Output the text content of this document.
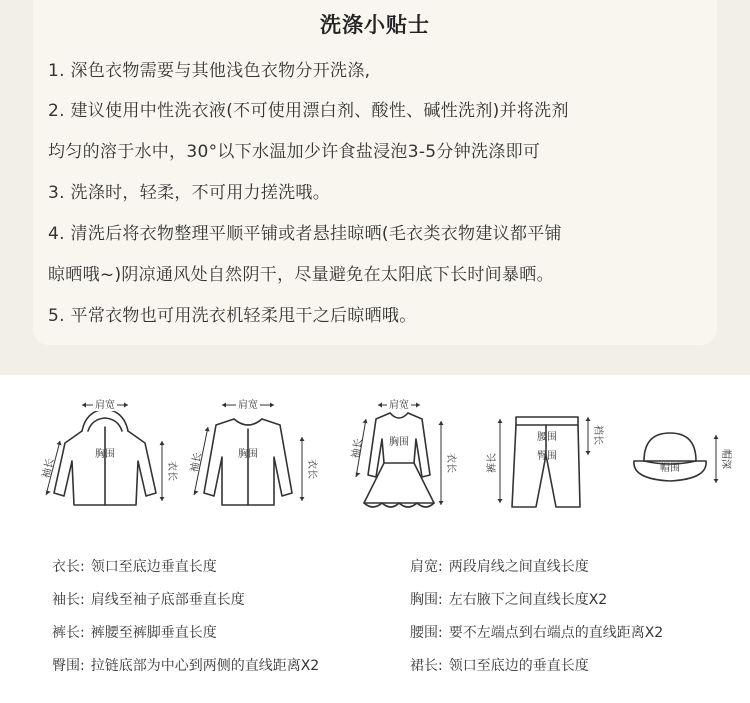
洗涤小贴士
1. 深色衣物需要与其他浅色衣物分开洗涤,
2. 建议使用中性洗衣液(不可使用漂白剂、酸性、碱性洗剂)并将洗剂
均匀的溶于水中，30°以下水温加少许食盐浸泡3-5分钟洗涤即可
3. 洗涤时，轻柔，不可用力搓洗哦。
4. 清洗后将衣物整理平顺平铺或者悬挂晾晒(毛衣类衣物建议都平铺
晾晒哦~)阴凉通风处自然阴干，尽量避免在太阳底下长时间暴晒。
5. 平常衣物也可用洗衣机轻柔甩干之后晾晒哦。
肩宽
胸围
衣长
袖长
肩宽
胸围
衣长
袖长
肩宽
胸围
衣长
袖长
腰围
臀围
裆长
裤长	帽围	帽深
衣长: 领口至底边垂直长度
袖长: 肩线至袖子底部垂直长度
裤长: 裤腰至裤脚垂直长度
臀围: 拉链底部为中心到两侧的直线距离X2
肩宽: 两段肩线之间直线长度
胸围: 左右腋下之间直线长度X2
腰围: 要不左端点到右端点的直线距离X2
裙长: 领口至底边的垂直长度
